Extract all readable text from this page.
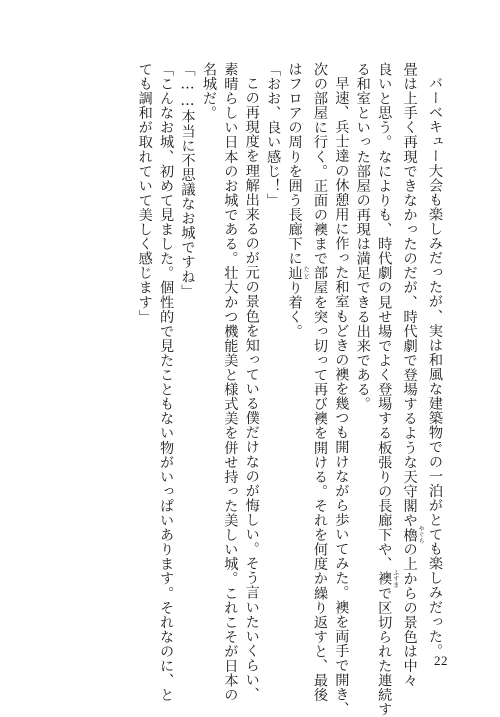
バーベキュー大会も楽しみだったが、実は和風な建築物での一泊がとても楽しみだった。
畳は上手く再現できなかったのだが、時代劇で登場するような天守閣や櫓 やぐらの上からの景色は中々
良いと思う。なによりも、時代劇の見せ場でよく登場する板張りの長廊下や、襖 ふすまで区切られた連続す
る和室といった部屋の再現は満足できる出来である。
早速、兵士達の休憩用に作った和室もどきの襖を幾つも開けながら歩いてみた。襖を両手で開き、
次の部屋に行く。正面の襖まで部屋を突っ切って再び襖を開ける。それを何度か繰り返すと、最後
はフロアの周りを囲う長廊下に辿 たどり着く。
「おお、良い感じ！」
この再現度を理解出来るのが元の景色を知っている僕だけなのが悔しい。そう言いたいくらい、
素晴らしい日本のお城である。壮大かつ機能美と様式美を併せ持った美しい城。これこそが日本の
名城だ。
「……本当に不思議なお城ですね」
「こんなお城、初めて見ました。個性的で見たこともない物がいっぱいあります。それなのに、と
ても調和が取れていて美しく感じます」
22
